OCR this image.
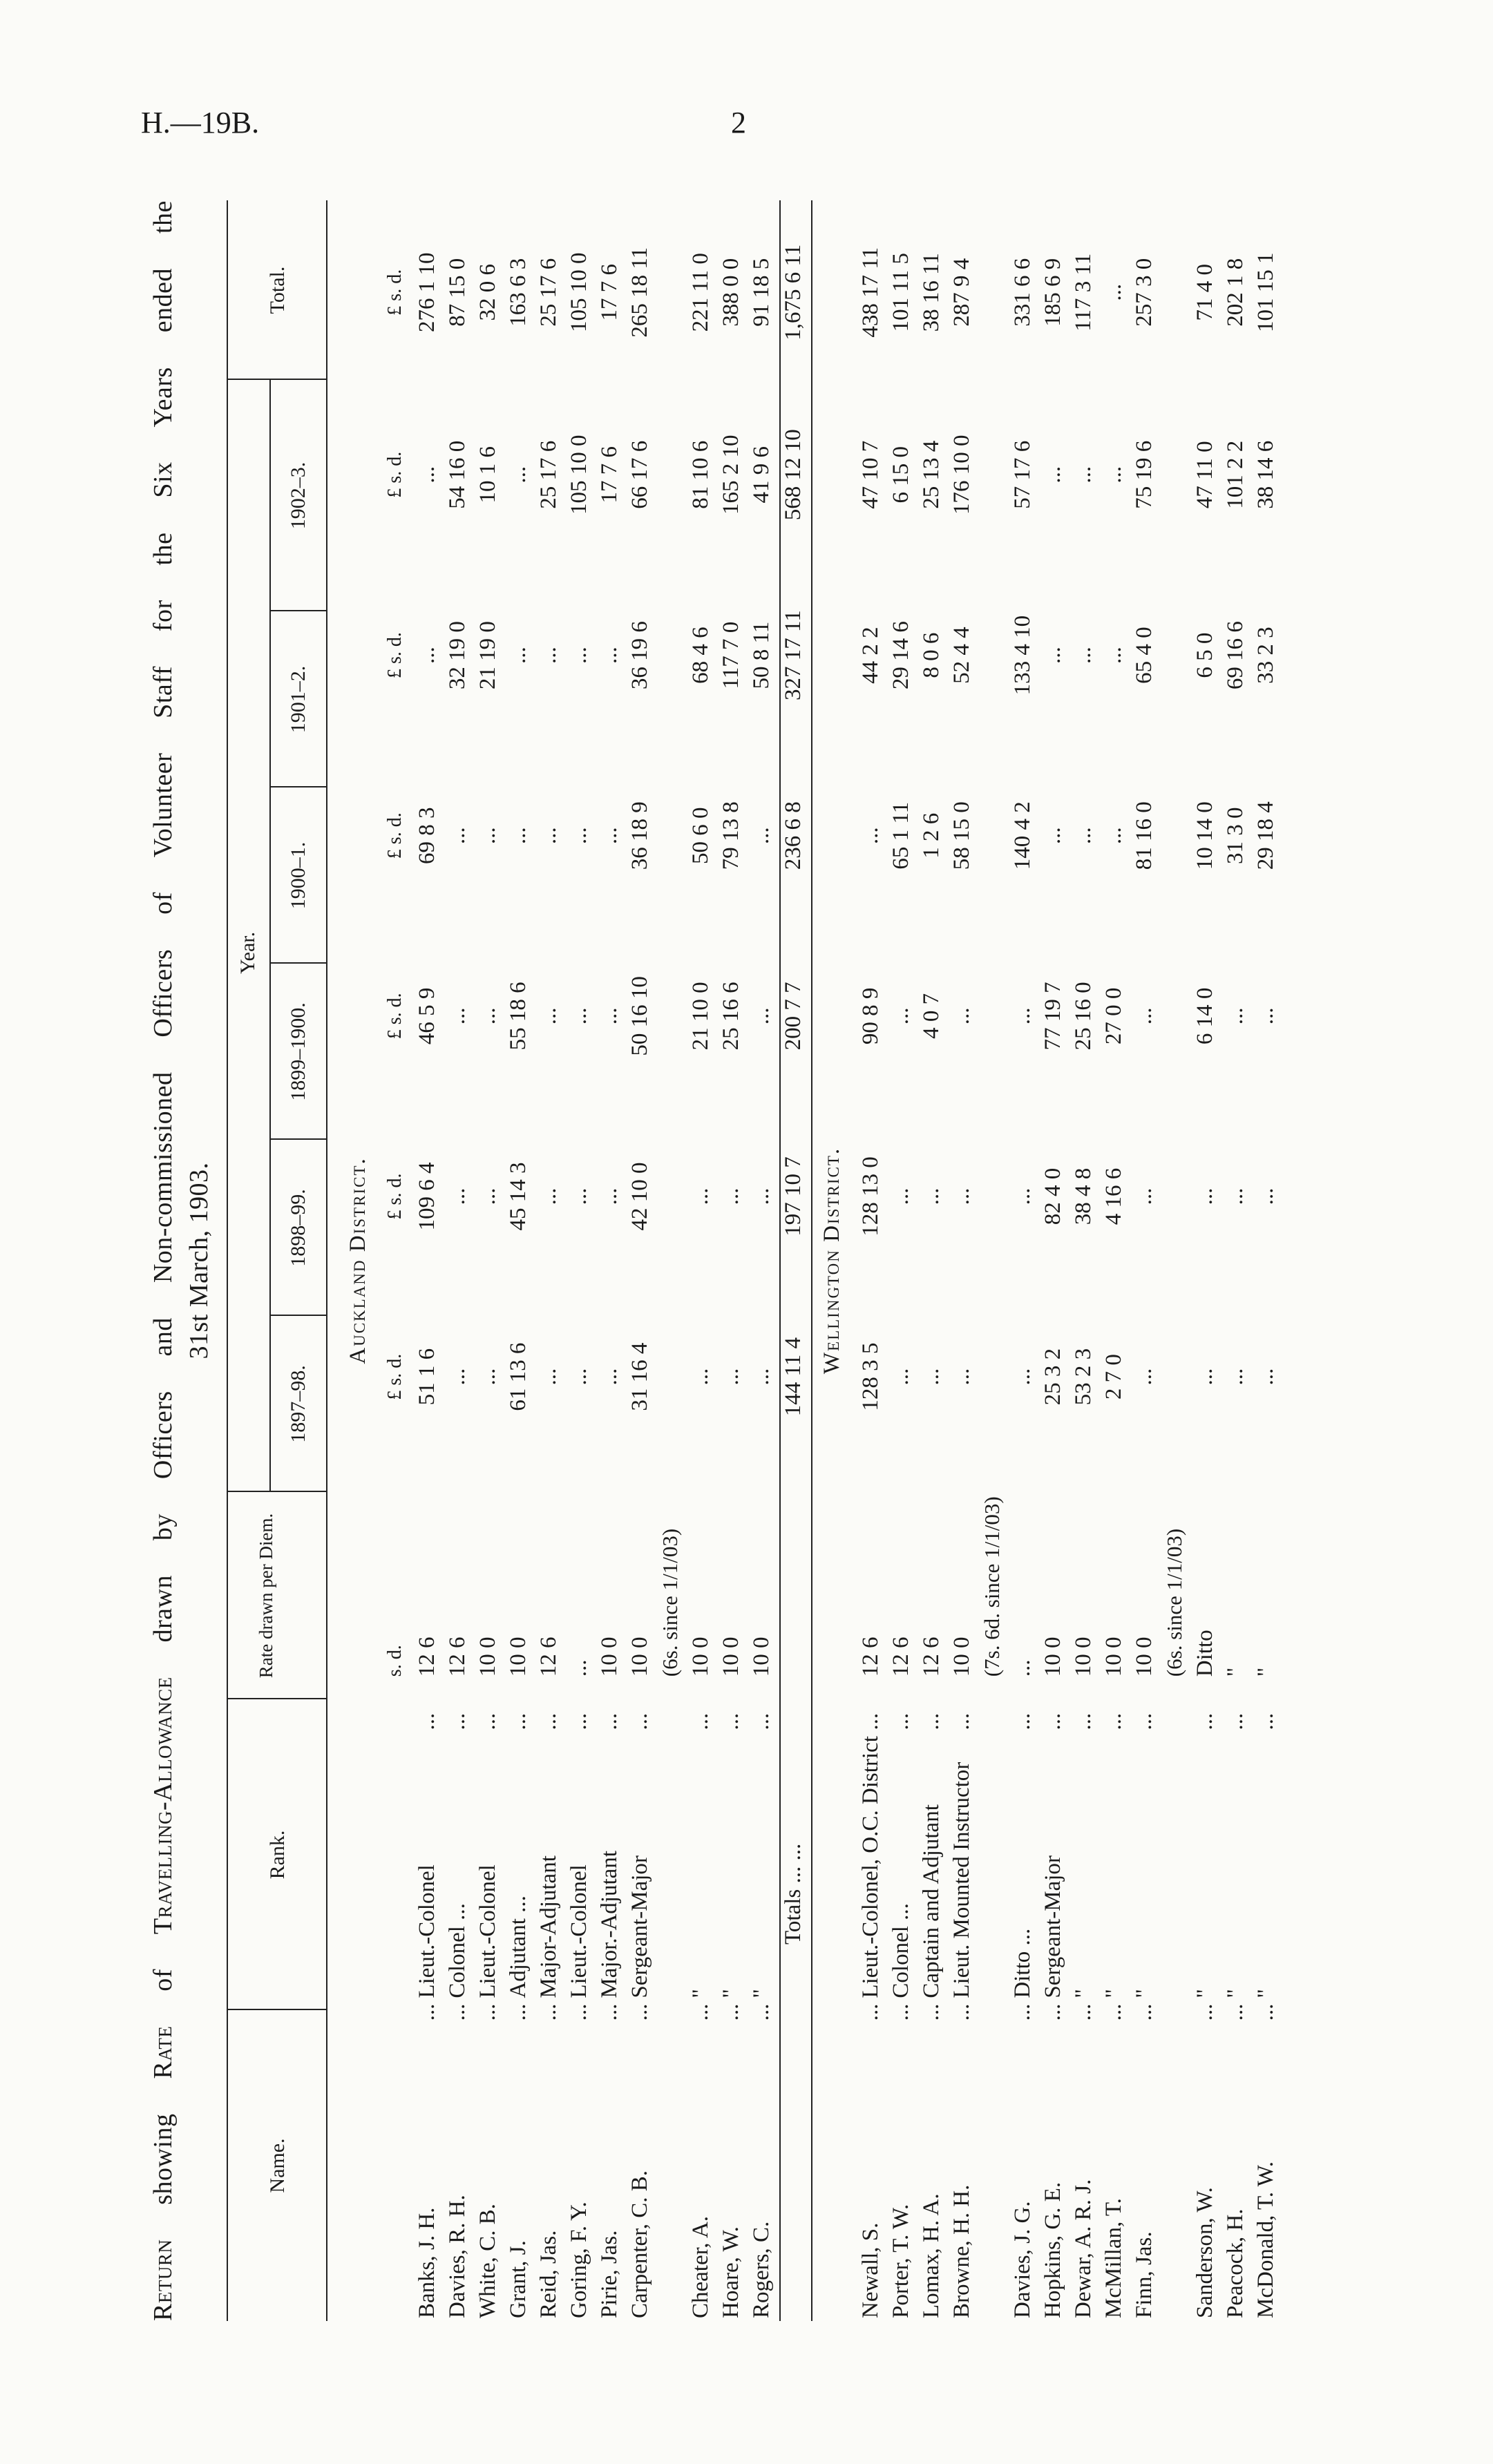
H.—19B.	2
Return
showing
Rate
of
Travelling-Allowance
drawn
by
Officers
and
Non-commissioned
Officers
of
Volunteer
Staff
for
the
Six
Years
ended
the
31st March, 1903.
Name.
Rank.
Rate drawn per Diem.
Year.
1897–98.
1898–99.
1899–1900.
1900–1.
1901–2.
1902–3.
Total.
Auckland District.											
				s. d.	£ s. d.	£ s. d.	£ s. d.	£ s. d.	£ s. d.	£ s. d.	£ s. d.
Banks, J. H.	...	Lieut.-Colonel	...	12 6	51 1 6	109 6 4	46 5 9	69 8 3	...	...	276 1 10
Davies, R. H.	...	Colonel ...	...	12 6	...	...	...	...	32 19 0	54 16 0	87 15 0
White, C. B.	...	Lieut.-Colonel	...	10 0	...	...	...	...	21 19 0	10 1 6	32 0 6
Grant, J.	...	Adjutant ...	...	10 0	61 13 6	45 14 3	55 18 6	...	...	...	163 6 3
Reid, Jas.	...	Major-Adjutant	...	12 6	...	...	...	...	...	25 17 6	25 17 6
Goring, F. Y.	...	Lieut.-Colonel	...	...	...	...	...	...	...	105 10 0	105 10 0
Pirie, Jas.	...	Major.-Adjutant	...	10 0	...	...	...	...	...	17 7 6	17 7 6
Carpenter, C. B.	...	Sergeant-Major	...	10 0	31 16 4	42 10 0	50 16 10	36 18 9	36 19 6	66 17 6	265 18 11
				(6s. since 1/1/03)							
Cheater, A.	...	"	...	10 0	...	...	21 10 0	50 6 0	68 4 6	81 10 6	221 11 0
Hoare, W.	...	"	...	10 0	...	...	25 16 6	79 13 8	117 7 0	165 2 10	388 0 0
Rogers, C.	...	"	...	10 0	...	...	...	...	50 8 11	41 9 6	91 18 5
Totals ... ...					144 11 4	197 10 7	200 7 7	236 6 8	327 17 11	568 12 10	1,675 6 11
Wellington District.											
Newall, S.	...	Lieut.-Colonel, O.C. District	...	12 6	128 3 5	128 13 0	90 8 9	...	44 2 2	47 10 7	438 17 11
Porter, T. W.	...	Colonel ...	...	12 6	...	...	...	65 1 11	29 14 6	6 15 0	101 11 5
Lomax, H. A.	...	Captain and Adjutant	...	12 6	...	...	4 0 7	1 2 6	8 0 6	25 13 4	38 16 11
Browne, H. H.	...	Lieut. Mounted Instructor	...	10 0	...	...	...	58 15 0	52 4 4	176 10 0	287 9 4
				(7s. 6d. since 1/1/03)							
Davies, J. G.	...	Ditto ...	...	...	...	...	...	140 4 2	133 4 10	57 17 6	331 6 6
Hopkins, G. E.	...	Sergeant-Major	...	10 0	25 3 2	82 4 0	77 19 7	...	...	...	185 6 9
Dewar, A. R. J.	...	"	...	10 0	53 2 3	38 4 8	25 16 0	...	...	...	117 3 11
McMillan, T.	...	"	...	10 0	2 7 0	4 16 6	27 0 0	...	...	...	...
Finn, Jas.	...	"	...	10 0	...	...	...	81 16 0	65 4 0	75 19 6	257 3 0
				(6s. since 1/1/03)							
Sanderson, W.	...	"	...	Ditto	...	...	6 14 0	10 14 0	6 5 0	47 11 0	71 4 0
Peacock, H.	...	"	...	"	...	...	...	31 3 0	69 16 6	101 2 2	202 1 8
McDonald, T. W.	...	"	...	"	...	...	...	29 18 4	33 2 3	38 14 6	101 15 1
